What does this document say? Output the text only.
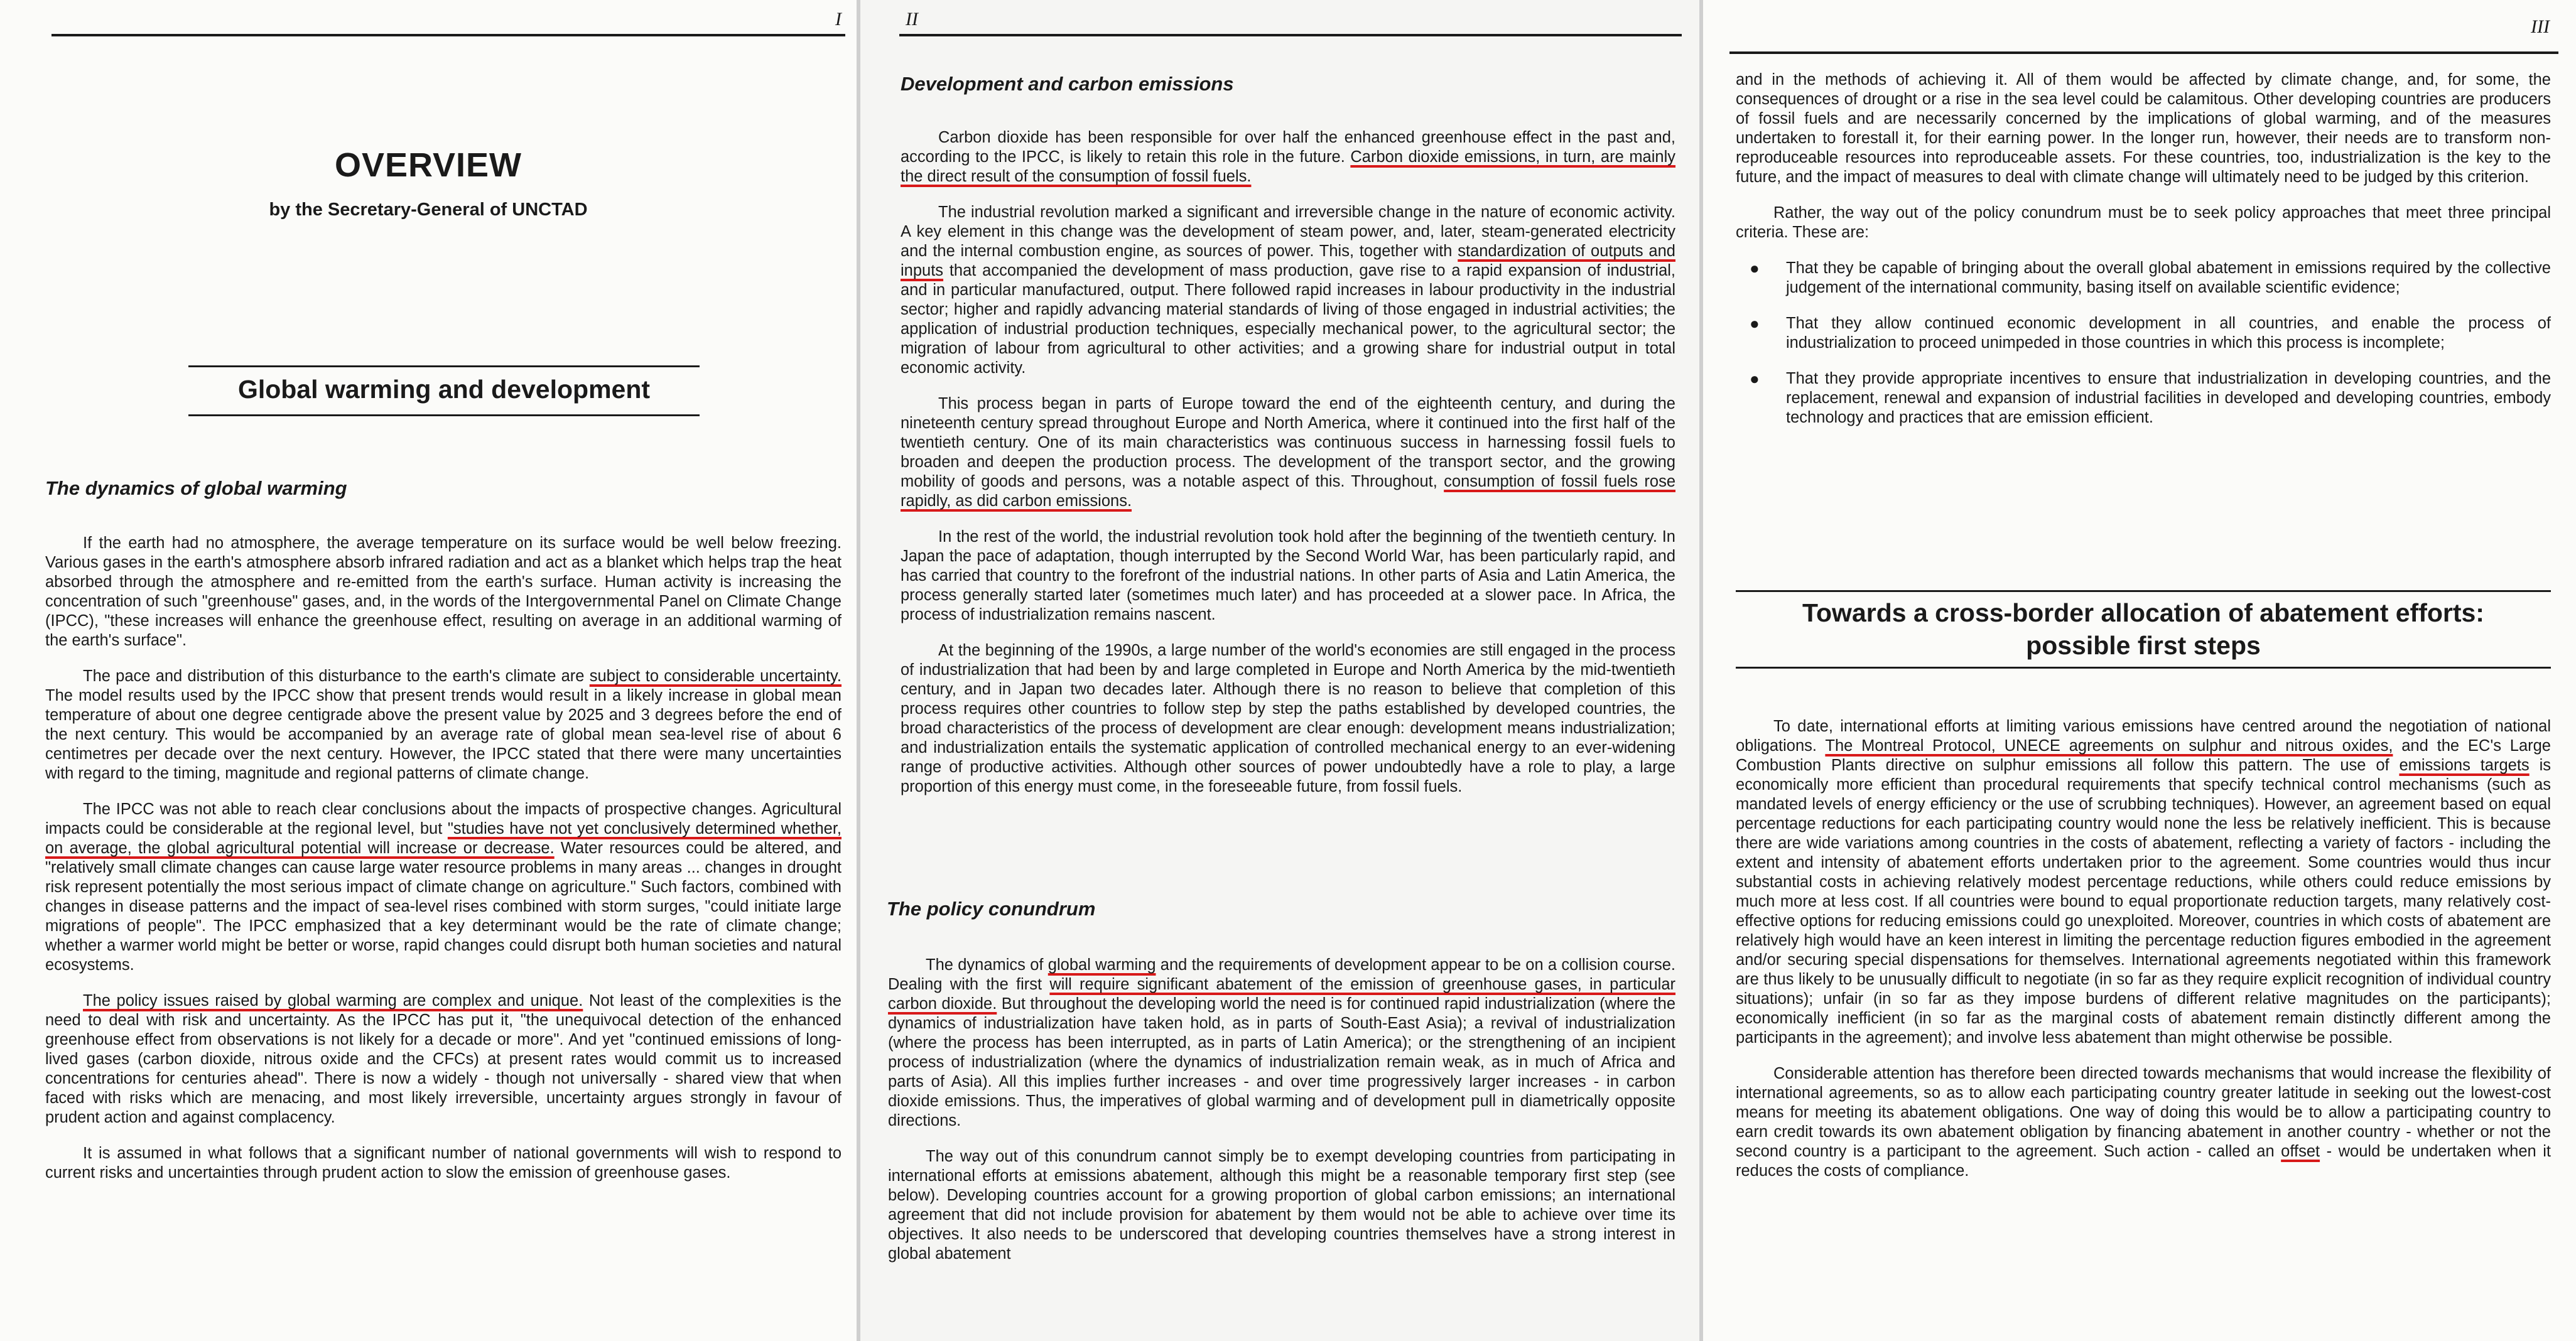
I
OVERVIEW
by the Secretary-General of UNCTAD
Global warming and development
The dynamics of global warming

If the earth had no atmosphere, the average temperature on its surface would be well below freezing. Various gases in the earth's atmosphere absorb infrared radiation and act as a blanket which helps trap the heat absorbed through the atmosphere and re-emitted from the earth's surface. Human activity is increasing the concentration of such "greenhouse" gases, and, in the words of the Intergovernmental Panel on Climate Change (IPCC), "these increases will enhance the greenhouse effect, resulting on average in an additional warming of the earth's surface".

The pace and distribution of this disturbance to the earth's climate are subject to considerable uncertainty. The model results used by the IPCC show that present trends would result in a likely increase in global mean temperature of about one degree centigrade above the present value by 2025 and 3 degrees before the end of the next century. This would be accompanied by an average rate of global mean sea-level rise of about 6 centimetres per decade over the next century. However, the IPCC stated that there were many uncertainties with regard to the timing, magnitude and regional patterns of climate change.

The IPCC was not able to reach clear conclusions about the impacts of prospective changes. Agricultural impacts could be considerable at the regional level, but "studies have not yet conclusively determined whether, on average, the global agricultural potential will increase or decrease. Water resources could be altered, and "relatively small climate changes can cause large water resource problems in many areas ... changes in drought risk represent potentially the most serious impact of climate change on agriculture." Such factors, combined with changes in disease patterns and the impact of sea-level rises combined with storm surges, "could initiate large migrations of people". The IPCC emphasized that a key determinant would be the rate of climate change; whether a warmer world might be better or worse, rapid changes could disrupt both human societies and natural ecosystems.

The policy issues raised by global warming are complex and unique. Not least of the complexities is the need to deal with risk and uncertainty. As the IPCC has put it, "the unequivocal detection of the enhanced greenhouse effect from observations is not likely for a decade or more". And yet "continued emissions of long-lived gases (carbon dioxide, nitrous oxide and the CFCs) at present rates would commit us to increased concentrations for centuries ahead". There is now a widely - though not universally - shared view that when faced with risks which are menacing, and most likely irreversible, uncertainty argues strongly in favour of prudent action and against complacency.

It is assumed in what follows that a significant number of national governments will wish to respond to current risks and uncertainties through prudent action to slow the emission of greenhouse gases.

II
Development and carbon emissions

Carbon dioxide has been responsible for over half the enhanced greenhouse effect in the past and, according to the IPCC, is likely to retain this role in the future. Carbon dioxide emissions, in turn, are mainly the direct result of the consumption of fossil fuels.

The industrial revolution marked a significant and irreversible change in the nature of economic activity. A key element in this change was the development of steam power, and, later, steam-generated electricity and the internal combustion engine, as sources of power. This, together with standardization of outputs and inputs that accompanied the development of mass production, gave rise to a rapid expansion of industrial, and in particular manufactured, output. There followed rapid increases in labour productivity in the industrial sector; higher and rapidly advancing material standards of living of those engaged in industrial activities; the application of industrial production techniques, especially mechanical power, to the agricultural sector; the migration of labour from agricultural to other activities; and a growing share for industrial output in total economic activity.

This process began in parts of Europe toward the end of the eighteenth century, and during the nineteenth century spread throughout Europe and North America, where it continued into the first half of the twentieth century. One of its main characteristics was continuous success in harnessing fossil fuels to broaden and deepen the production process. The development of the transport sector, and the growing mobility of goods and persons, was a notable aspect of this. Throughout, consumption of fossil fuels rose rapidly, as did carbon emissions.

In the rest of the world, the industrial revolution took hold after the beginning of the twentieth century. In Japan the pace of adaptation, though interrupted by the Second World War, has been particularly rapid, and has carried that country to the forefront of the industrial nations. In other parts of Asia and Latin America, the process generally started later (sometimes much later) and has proceeded at a slower pace. In Africa, the process of industrialization remains nascent.

At the beginning of the 1990s, a large number of the world's economies are still engaged in the process of industrialization that had been by and large completed in Europe and North America by the mid-twentieth century, and in Japan two decades later. Although there is no reason to believe that completion of this process requires other countries to follow step by step the paths established by developed countries, the broad characteristics of the process of development are clear enough: development means industrialization; and industrialization entails the systematic application of controlled mechanical energy to an ever-widening range of productive activities. Although other sources of power undoubtedly have a role to play, a large proportion of this energy must come, in the foreseeable future, from fossil fuels.

The policy conundrum

The dynamics of global warming and the requirements of development appear to be on a collision course. Dealing with the first will require significant abatement of the emission of greenhouse gases, in particular carbon dioxide. But throughout the developing world the need is for continued rapid industrialization (where the dynamics of industrialization have taken hold, as in parts of South-East Asia); a revival of industrialization (where the process has been interrupted, as in parts of Latin America); or the strengthening of an incipient process of industrialization (where the dynamics of industrialization remain weak, as in much of Africa and parts of Asia). All this implies further increases - and over time progressively larger increases - in carbon dioxide emissions. Thus, the imperatives of global warming and of development pull in diametrically opposite directions.

The way out of this conundrum cannot simply be to exempt developing countries from participating in international efforts at emissions abatement, although this might be a reasonable temporary first step (see below). Developing countries account for a growing proportion of global carbon emissions; an international agreement that did not include provision for abatement by them would not be able to achieve over time its objectives. It also needs to be underscored that developing countries themselves have a strong interest in global abatement

III

and in the methods of achieving it. All of them would be affected by climate change, and, for some, the consequences of drought or a rise in the sea level could be calamitous. Other developing countries are producers of fossil fuels and are necessarily concerned by the implications of global warming, and of the measures undertaken to forestall it, for their earning power. In the longer run, however, their needs are to transform non-reproduceable resources into reproduceable assets. For these countries, too, industrialization is the key to the future, and the impact of measures to deal with climate change will ultimately need to be judged by this criterion.

Rather, the way out of the policy conundrum must be to seek policy approaches that meet three principal criteria. These are:

● That they be capable of bringing about the overall global abatement in emissions required by the collective judgement of the international community, basing itself on available scientific evidence;
● That they allow continued economic development in all countries, and enable the process of industrialization to proceed unimpeded in those countries in which this process is incomplete;
● That they provide appropriate incentives to ensure that industrialization in developing countries, and the replacement, renewal and expansion of industrial facilities in developed and developing countries, embody technology and practices that are emission efficient.
Towards a cross-border allocation of abatement efforts:
possible first steps

To date, international efforts at limiting various emissions have centred around the negotiation of national obligations. The Montreal Protocol, UNECE agreements on sulphur and nitrous oxides, and the EC's Large Combustion Plants directive on sulphur emissions all follow this pattern. The use of emissions targets is economically more efficient than procedural requirements that specify technical control mechanisms (such as mandated levels of energy efficiency or the use of scrubbing techniques). However, an agreement based on equal percentage reductions for each participating country would none the less be relatively inefficient. This is because there are wide variations among countries in the costs of abatement, reflecting a variety of factors - including the extent and intensity of abatement efforts undertaken prior to the agreement. Some countries would thus incur substantial costs in achieving relatively modest percentage reductions, while others could reduce emissions by much more at less cost. If all countries were bound to equal proportionate reduction targets, many relatively cost-effective options for reducing emissions could go unexploited. Moreover, countries in which costs of abatement are relatively high would have an keen interest in limiting the percentage reduction figures embodied in the agreement and/or securing special dispensations for themselves. International agreements negotiated within this framework are thus likely to be unusually difficult to negotiate (in so far as they require explicit recognition of individual country situations); unfair (in so far as they impose burdens of different relative magnitudes on the participants); economically inefficient (in so far as the marginal costs of abatement remain distinctly different among the participants in the agreement); and involve less abatement than might otherwise be possible.

Considerable attention has therefore been directed towards mechanisms that would increase the flexibility of international agreements, so as to allow each participating country greater latitude in seeking out the lowest-cost means for meeting its abatement obligations. One way of doing this would be to allow a participating country to earn credit towards its own abatement obligation by financing abatement in another country - whether or not the second country is a participant to the agreement. Such action - called an offset - would be undertaken when it reduces the costs of compliance.
